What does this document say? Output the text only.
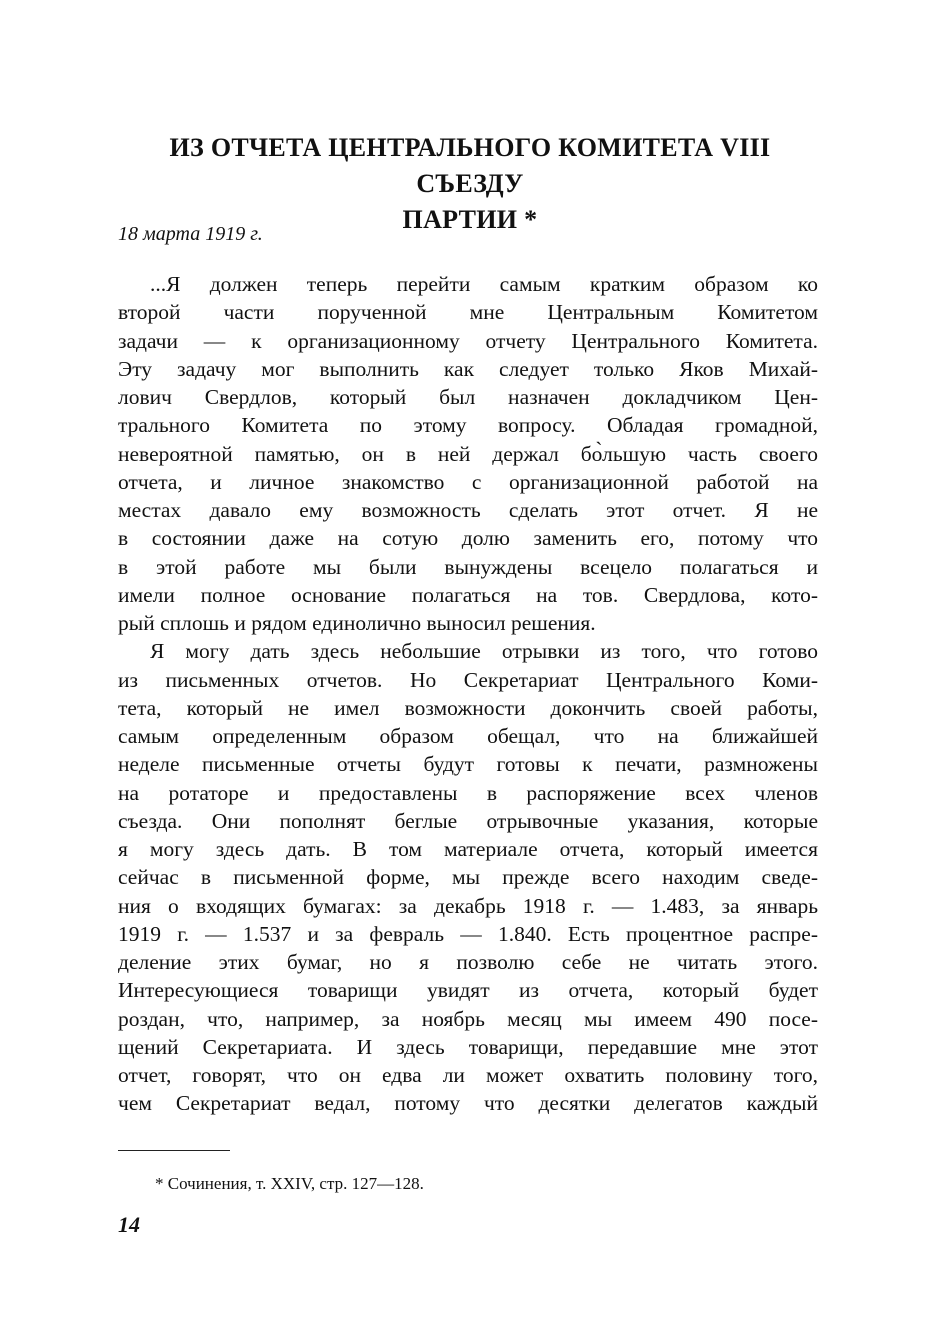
ИЗ ОТЧЕТА ЦЕНТРАЛЬНОГО КОМИТЕТА VIII СЪЕЗДУ
ПАРТИИ *
18 марта 1919 г.
...Я должен теперь перейти самым кратким образом ко
второй части порученной мне Центральным Комитетом
задачи — к организационному отчету Центрального Комитета.
Эту задачу мог выполнить как следует только Яков Михай-
лович Свердлов, который был назначен докладчиком Цен-
трального Комитета по этому вопросу. Обладая громадной,
невероятной памятью, он в ней держал бо̀льшую часть своего
отчета, и личное знакомство с организационной работой на
местах давало ему возможность сделать этот отчет. Я не
в состоянии даже на сотую долю заменить его, потому что
в этой работе мы были вынуждены всецело полагаться и
имели полное основание полагаться на тов. Свердлова, кото-
рый сплошь и рядом единолично выносил решения.
Я могу дать здесь небольшие отрывки из того, что готово
из письменных отчетов. Но Секретариат Центрального Коми-
тета, который не имел возможности докончить своей работы,
самым определенным образом обещал, что на ближайшей
неделе письменные отчеты будут готовы к печати, размножены
на ротаторе и предоставлены в распоряжение всех членов
съезда. Они пополнят беглые отрывочные указания, которые
я могу здесь дать. В том материале отчета, который имеется
сейчас в письменной форме, мы прежде всего находим сведе-
ния о входящих бумагах: за декабрь 1918 г. — 1.483, за январь
1919 г. — 1.537 и за февраль — 1.840. Есть процентное распре-
деление этих бумаг, но я позволю себе не читать этого.
Интересующиеся товарищи увидят из отчета, который будет
роздан, что, например, за ноябрь месяц мы имеем 490 посе-
щений Секретариата. И здесь товарищи, передавшие мне этот
отчет, говорят, что он едва ли может охватить половину того,
чем Секретариат ведал, потому что десятки делегатов каждый
* Сочинения, т. XXIV, стр. 127—128.
14
